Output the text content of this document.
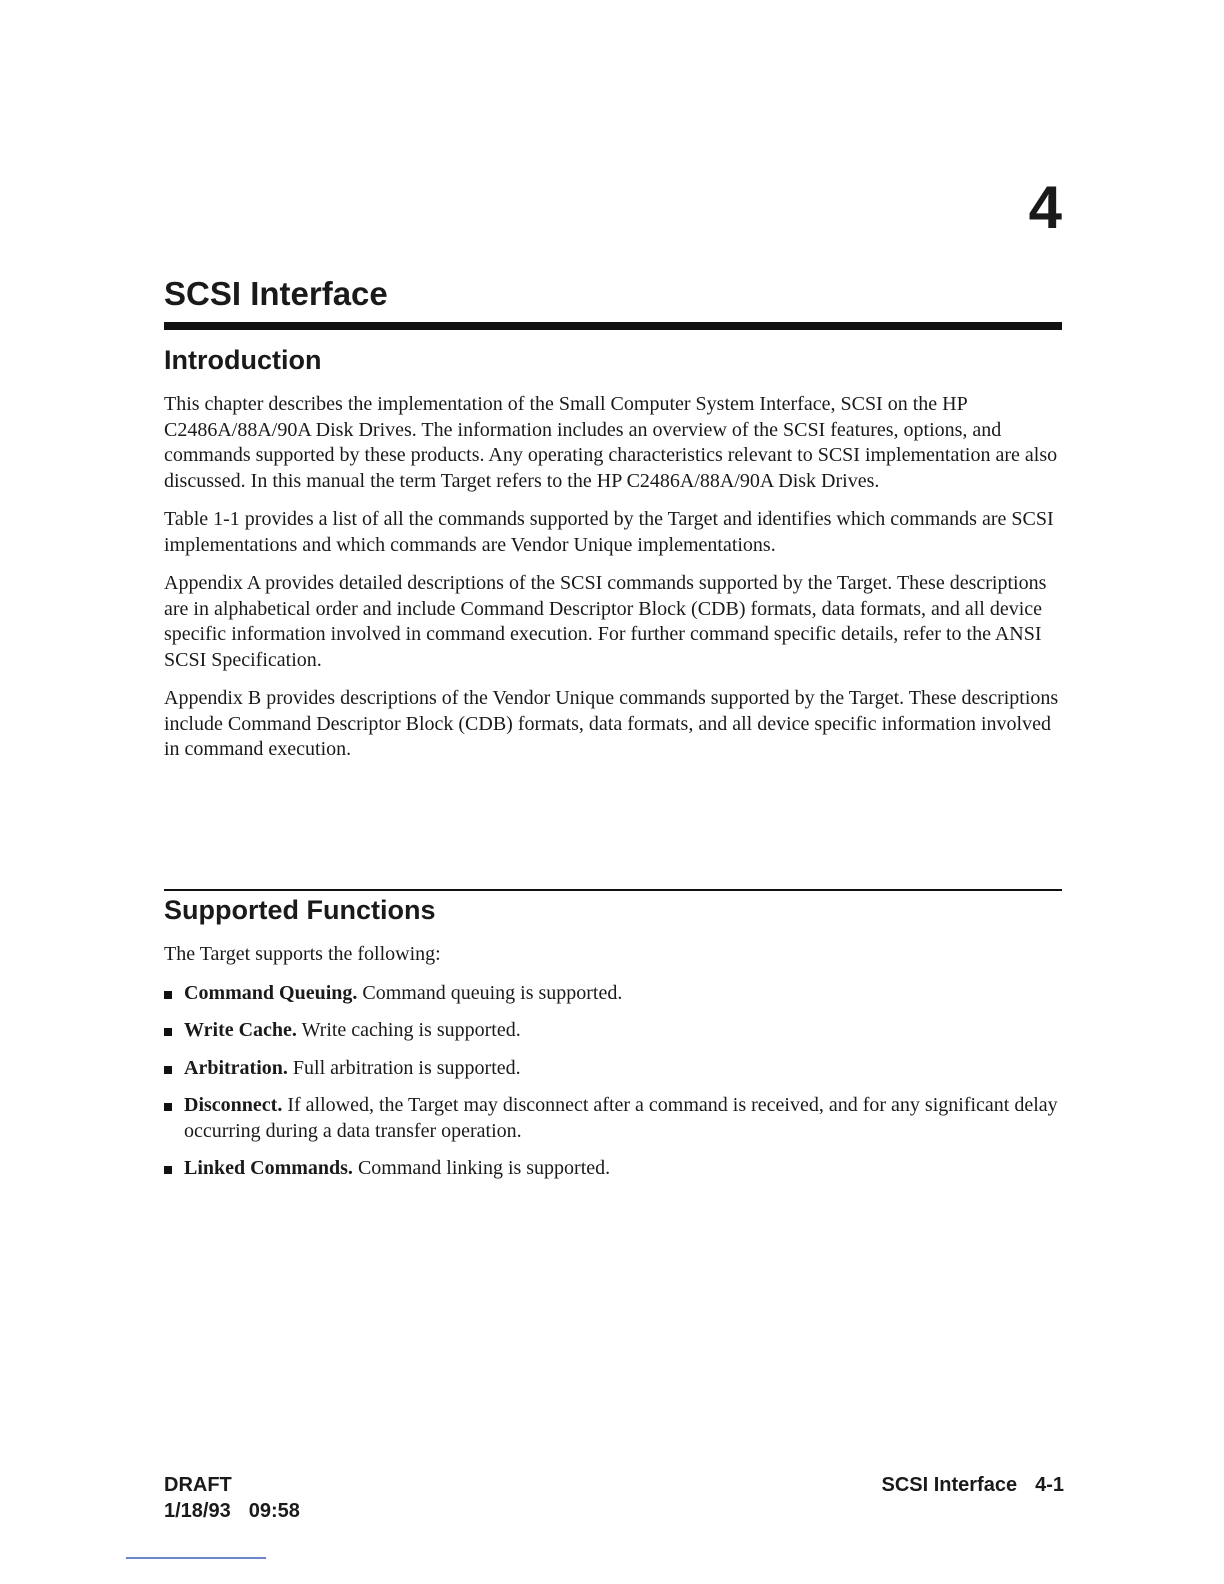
4
SCSI Interface
Introduction

This chapter describes the implementation of the Small Computer System Interface, SCSI on the HP C2486A/88A/90A Disk Drives. The information includes an overview of the SCSI features, options, and commands supported by these products. Any operating characteristics relevant to SCSI implementation are also discussed. In this manual the term Target refers to the HP C2486A/88A/90A Disk Drives.

Table 1-1 provides a list of all the commands supported by the Target and identifies which commands are SCSI implementations and which commands are Vendor Unique implementations.

Appendix A provides detailed descriptions of the SCSI commands supported by the Target. These descriptions are in alphabetical order and include Command Descriptor Block (CDB) formats, data formats, and all device specific information involved in command execution. For further command specific details, refer to the ANSI SCSI Specification.

Appendix B provides descriptions of the Vendor Unique commands supported by the Target. These descriptions include Command Descriptor Block (CDB) formats, data formats, and all device specific information involved in command execution.

Supported Functions

The Target supports the following:

Command Queuing. Command queuing is supported.
Write Cache. Write caching is supported.
Arbitration. Full arbitration is supported.
Disconnect. If allowed, the Target may disconnect after a command is received, and for any significant delay occurring during a data transfer operation.
Linked Commands. Command linking is supported.
DRAFT
1/18/93 09:58
SCSI Interface 4-1
